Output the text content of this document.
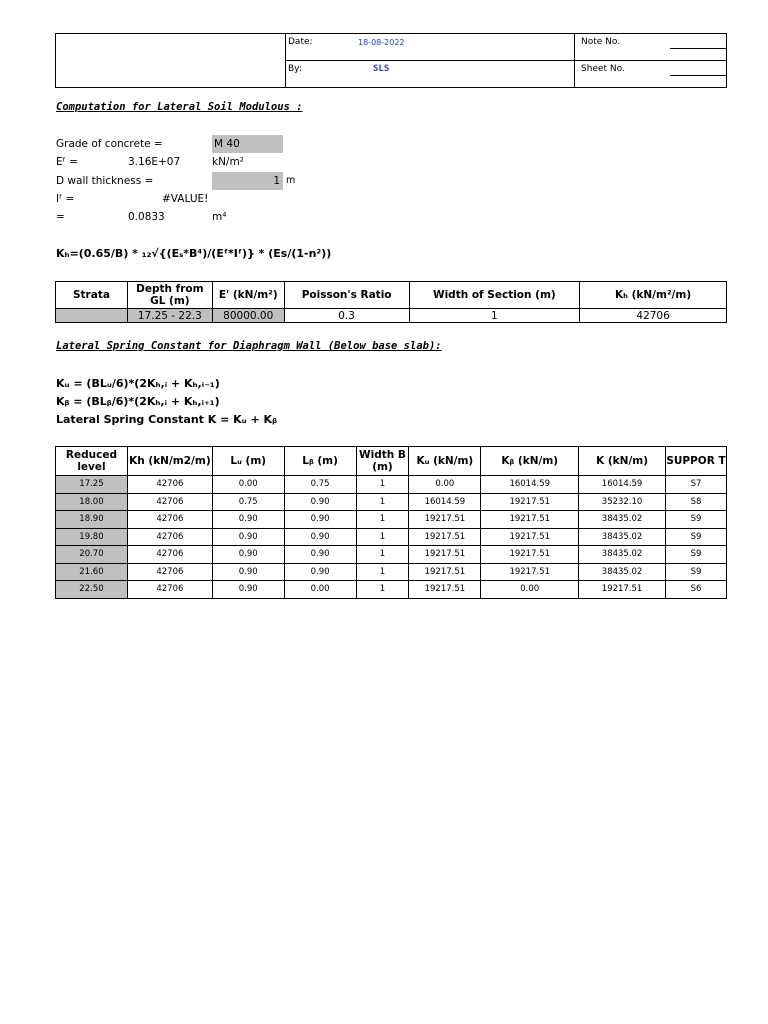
Date:	18-08-2022
By:	SLS
Note No.
Sheet No.
Computation for Lateral Soil Modulous :
Grade of concrete =	M 40
Eᶠ =	3.16E+07	kN/m²
D wall thickness =	1 m
Iᶠ =	#VALUE!
=	0.0833	m⁴
Kₕ=(0.65/B) * ₁₂√{(Eₛ*B⁴)/(Eᶠ*Iᶠ)} * (Es/(1-n²))
Strata	Depth from GL (m)	E' (kN/m²)	Poisson's Ratio	Width of Section (m)	Kₕ (kN/m²/m)
	17.25 - 22.3	80000.00	0.3	1	42706
Lateral Spring Constant for Diaphragm Wall (Below base slab):
Kᵤ = (BLᵤ/6)*(2Kₕ,ᵢ + Kₕ,ᵢ₋₁)
Kᵦ = (BLᵦ/6)*(2Kₕ,ᵢ + Kₕ,ᵢ₊₁)
Lateral Spring Constant K = Kᵤ + Kᵦ
Reduced level	Kh (kN/m2/m)	Lᵤ (m)	Lᵦ (m)	Width B (m)	Kᵤ (kN/m)	Kᵦ (kN/m)	K (kN/m)	SUPPOR T
17.25	42706	0.00	0.75	1	0.00	16014.59	16014.59	S7
18.00	42706	0.75	0.90	1	16014.59	19217.51	35232.10	S8
18.90	42706	0.90	0.90	1	19217.51	19217.51	38435.02	S9
19.80	42706	0.90	0.90	1	19217.51	19217.51	38435.02	S9
20.70	42706	0.90	0.90	1	19217.51	19217.51	38435.02	S9
21.60	42706	0.90	0.90	1	19217.51	19217.51	38435.02	S9
22.50	42706	0.90	0.00	1	19217.51	0.00	19217.51	S6
